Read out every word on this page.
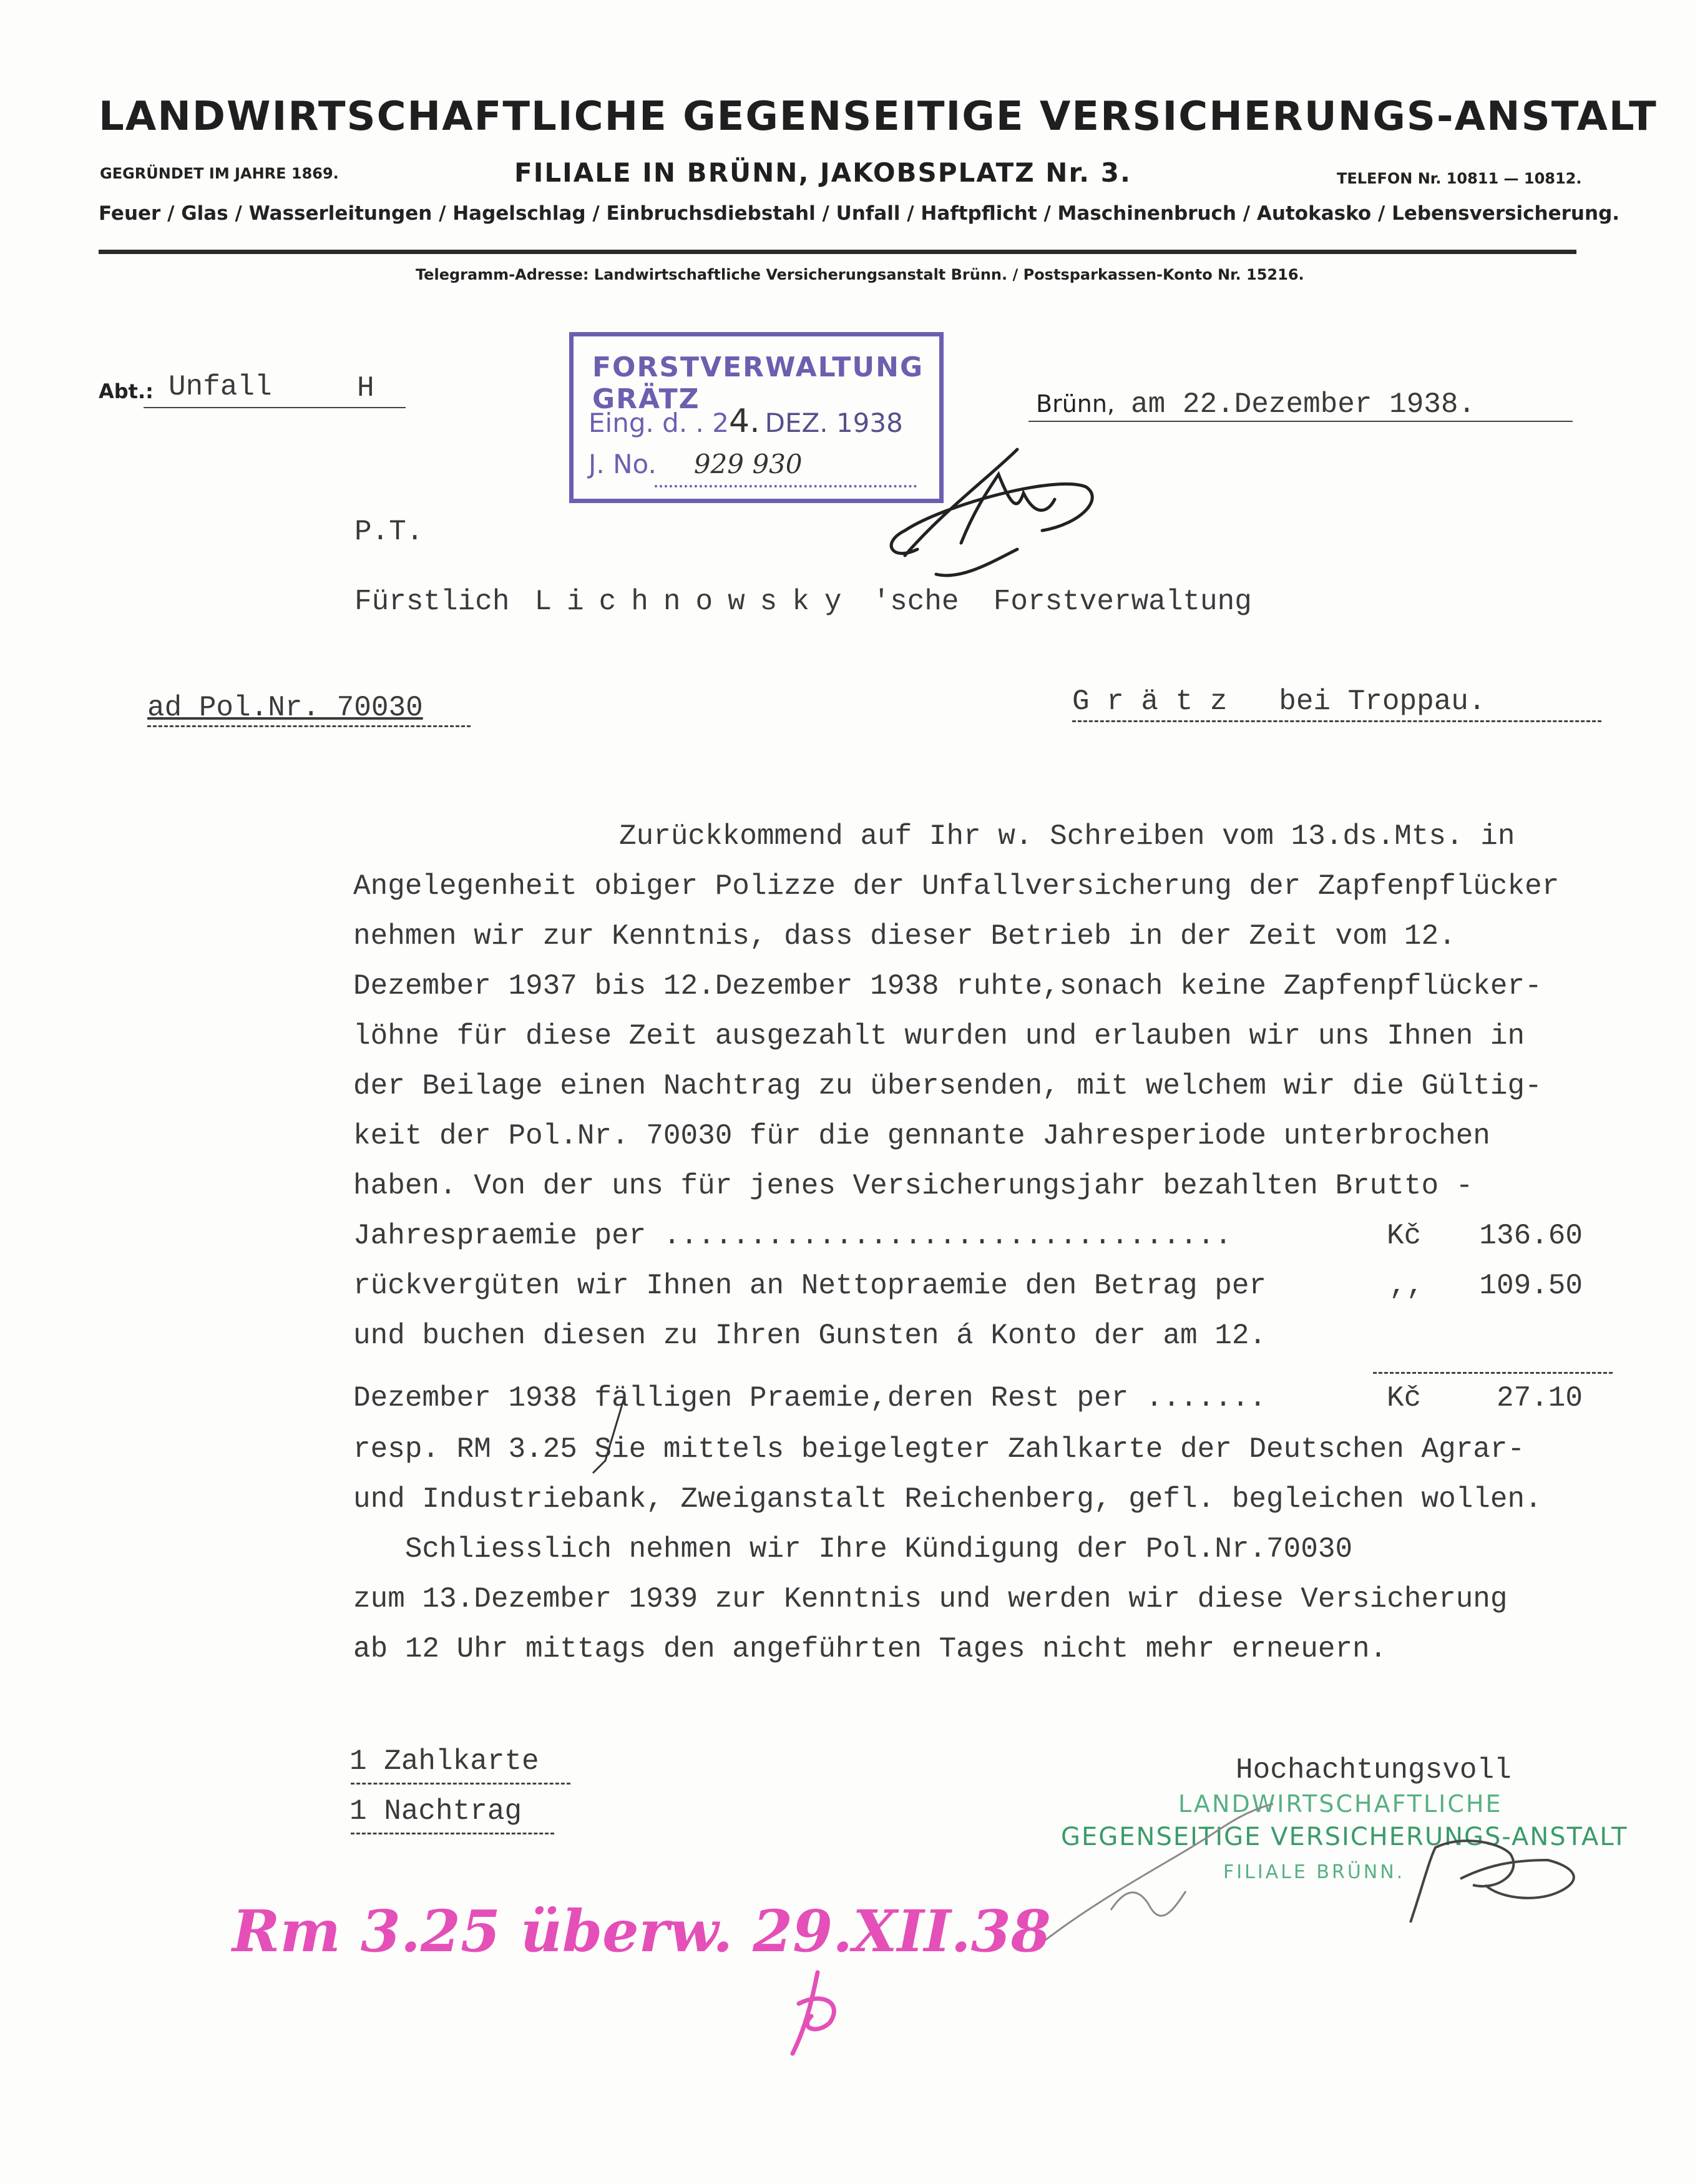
LANDWIRTSCHAFTLICHE GEGENSEITIGE VERSICHERUNGS-ANSTALT
GEGRÜNDET IM JAHRE 1869.	FILIALE IN BRÜNN, JAKOBSPLATZ Nr. 3.	TELEFON Nr. 10811 — 10812.
Feuer / Glas / Wasserleitungen / Hagelschlag / Einbruchsdiebstahl / Unfall / Haftpflicht / Maschinenbruch / Autokasko / Lebensversicherung.
Telegramm-Adresse: Landwirtschaftliche Versicherungsanstalt Brünn. / Postsparkassen-Konto Nr. 15216.
Abt.: Unfall	H
FORSTVERWALTUNG GRÄTZ
Eing. d. . 24. DEZ. 1938
J. No. 929 930
Brünn, am 22.Dezember 1938.
P.T.
Fürstlich Lichnowsky 'sche Forstverwaltung
ad Pol.Nr. 70030	G r ä t z   bei Troppau.
Zurückkommend auf Ihr w. Schreiben vom 13.ds.Mts. in
Angelegenheit obiger Polizze der Unfallversicherung der Zapfenpflücker
nehmen wir zur Kenntnis, dass dieser Betrieb in der Zeit vom 12.
Dezember 1937 bis 12.Dezember 1938 ruhte,sonach keine Zapfenpflücker-
löhne für diese Zeit ausgezahlt wurden und erlauben wir uns Ihnen in
der Beilage einen Nachtrag zu übersenden, mit welchem wir die Gültig-
keit der Pol.Nr. 70030 für die gennante Jahresperiode unterbrochen
haben. Von der uns für jenes Versicherungsjahr bezahlten Brutto -
Jahrespraemie per .................................	Kč	136.60
rückvergüten wir Ihnen an Nettopraemie den Betrag per	,,	109.50
und buchen diesen zu Ihren Gunsten á Konto der am 12.
Dezember 1938 fälligen Praemie,deren Rest per .......	Kč	27.10
resp. RM 3.25 Sie mittels beigelegter Zahlkarte der Deutschen Agrar-
und Industriebank, Zweiganstalt Reichenberg, gefl. begleichen wollen.
Schliesslich nehmen wir Ihre Kündigung der Pol.Nr.70030
zum 13.Dezember 1939 zur Kenntnis und werden wir diese Versicherung
ab 12 Uhr mittags den angeführten Tages nicht mehr erneuern.
1 Zahlkarte
1 Nachtrag
Hochachtungsvoll
LANDWIRTSCHAFTLICHE
GEGENSEITIGE VERSICHERUNGS-ANSTALT
FILIALE BRÜNN.
Rm 3.25 überw. 29.XII.38
